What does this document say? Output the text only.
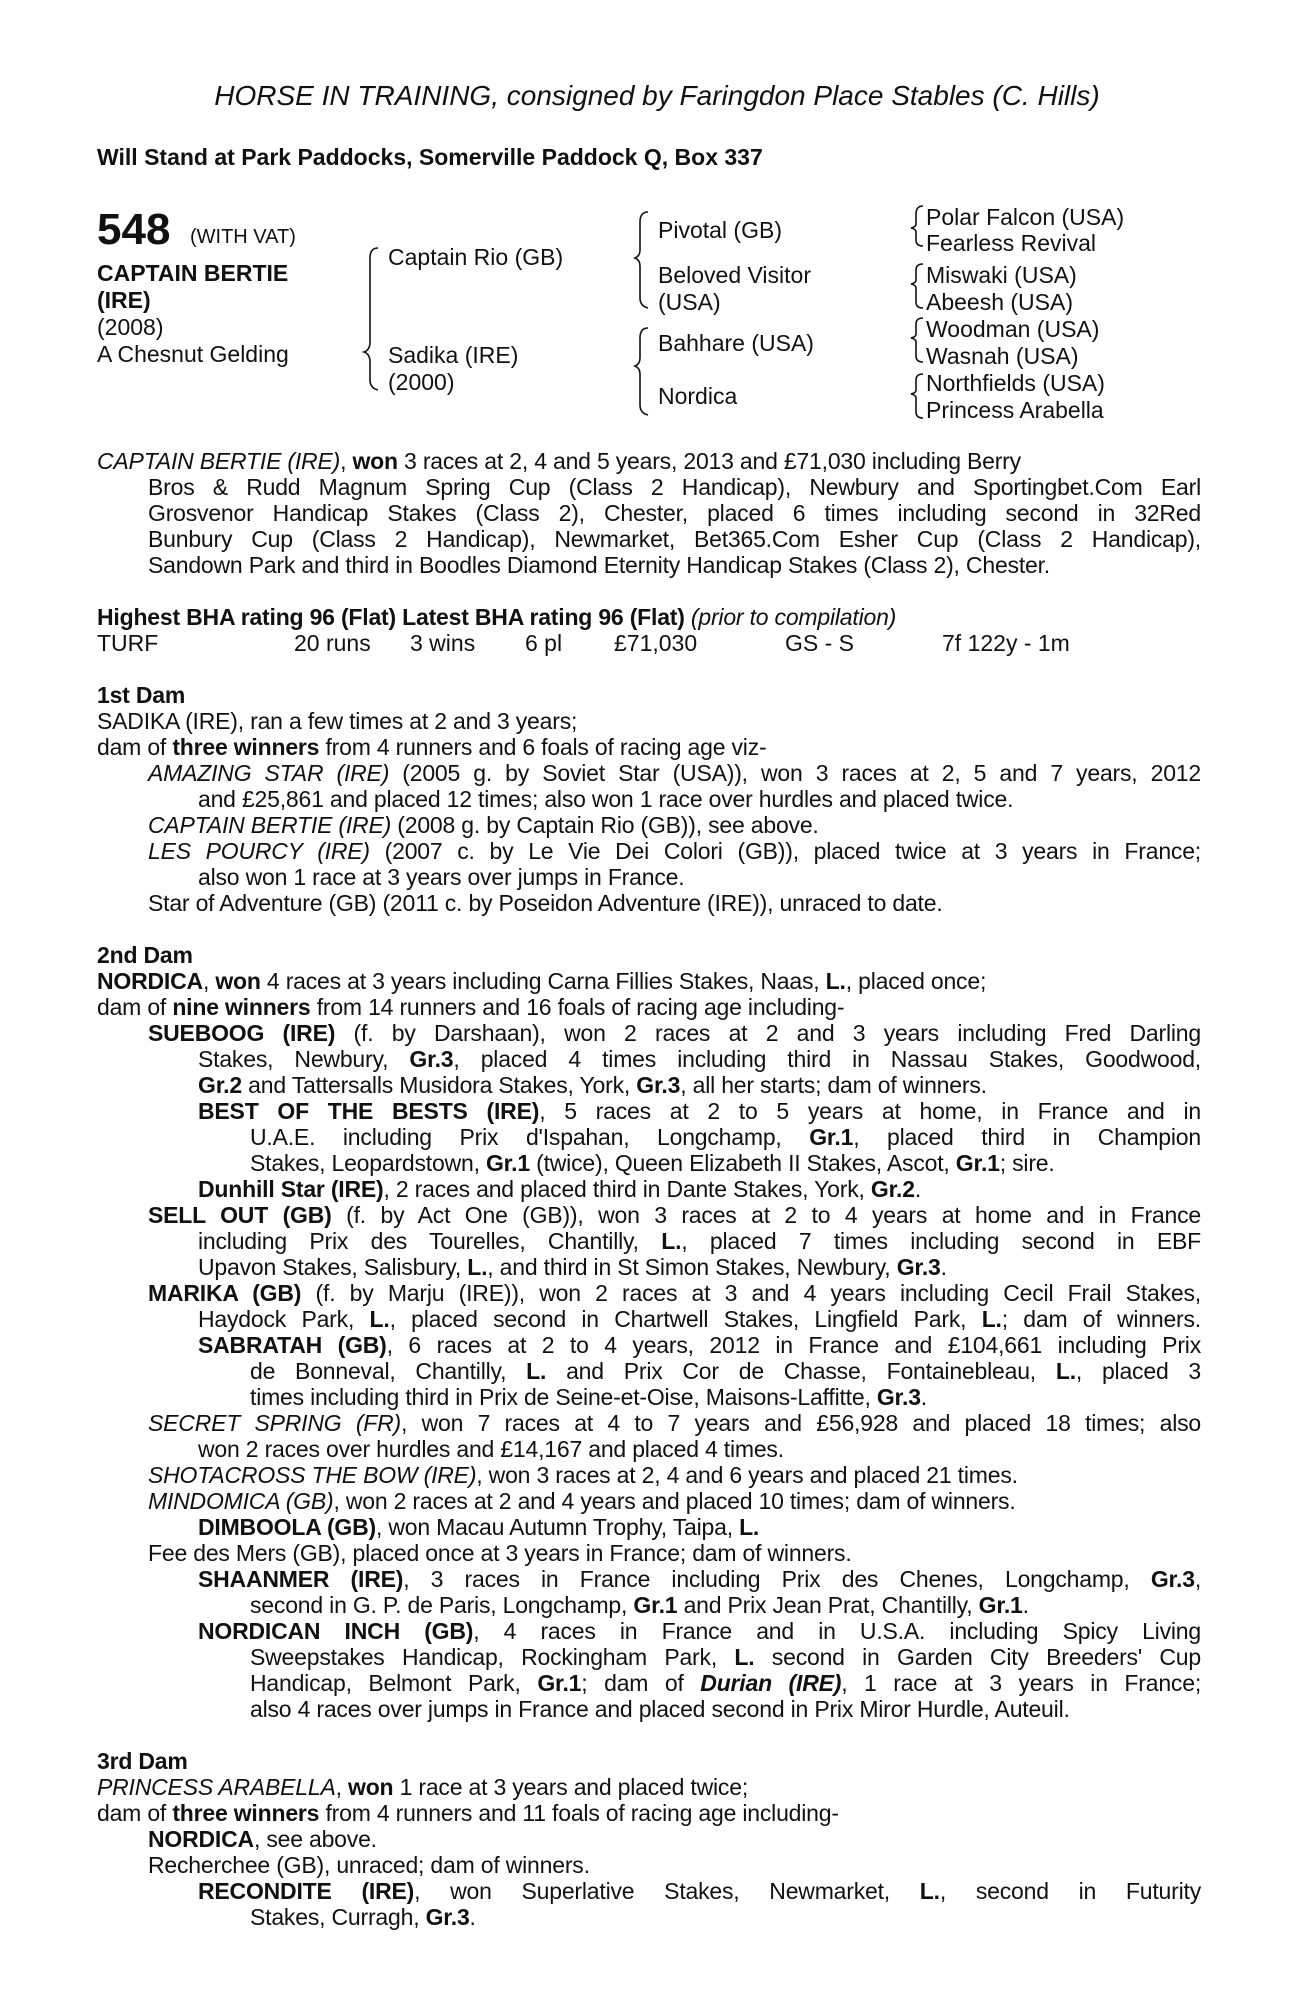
HORSE IN TRAINING, consigned by Faringdon Place Stables (C. Hills)
Will Stand at Park Paddocks, Somerville Paddock Q, Box 337
548 (WITH VAT)
CAPTAIN BERTIE
(IRE)
(2008)
A Chesnut Gelding
Captain Rio (GB)
Sadika (IRE)
(2000)
Pivotal (GB)
Beloved Visitor
(USA)
Bahhare (USA)
Nordica
Polar Falcon (USA)
Fearless Revival
Miswaki (USA)
Abeesh (USA)
Woodman (USA)
Wasnah (USA)
Northfields (USA)
Princess Arabella
CAPTAIN BERTIE (IRE), won 3 races at 2, 4 and 5 years, 2013 and £71,030 including Berry
Bros & Rudd Magnum Spring Cup (Class 2 Handicap), Newbury and Sportingbet.Com Earl
Grosvenor Handicap Stakes (Class 2), Chester, placed 6 times including second in 32Red
Bunbury Cup (Class 2 Handicap), Newmarket, Bet365.Com Esher Cup (Class 2 Handicap),
Sandown Park and third in Boodles Diamond Eternity Handicap Stakes (Class 2), Chester.
Highest BHA rating 96 (Flat) Latest BHA rating 96 (Flat) (prior to compilation)
TURF	20 runs 3 wins 6 pl £71,030	GS - S	7f 122y - 1m
1st Dam
SADIKA (IRE), ran a few times at 2 and 3 years;
dam of three winners from 4 runners and 6 foals of racing age viz-
AMAZING STAR (IRE) (2005 g. by Soviet Star (USA)), won 3 races at 2, 5 and 7 years, 2012
and £25,861 and placed 12 times; also won 1 race over hurdles and placed twice.
CAPTAIN BERTIE (IRE) (2008 g. by Captain Rio (GB)), see above.
LES POURCY (IRE) (2007 c. by Le Vie Dei Colori (GB)), placed twice at 3 years in France;
also won 1 race at 3 years over jumps in France.
Star of Adventure (GB) (2011 c. by Poseidon Adventure (IRE)), unraced to date.
2nd Dam
NORDICA, won 4 races at 3 years including Carna Fillies Stakes, Naas, L., placed once;
dam of nine winners from 14 runners and 16 foals of racing age including-
SUEBOOG (IRE) (f. by Darshaan), won 2 races at 2 and 3 years including Fred Darling
Stakes, Newbury, Gr.3, placed 4 times including third in Nassau Stakes, Goodwood,
Gr.2 and Tattersalls Musidora Stakes, York, Gr.3, all her starts; dam of winners.
BEST OF THE BESTS (IRE), 5 races at 2 to 5 years at home, in France and in
U.A.E. including Prix d'Ispahan, Longchamp, Gr.1, placed third in Champion
Stakes, Leopardstown, Gr.1 (twice), Queen Elizabeth II Stakes, Ascot, Gr.1; sire.
Dunhill Star (IRE), 2 races and placed third in Dante Stakes, York, Gr.2.
SELL OUT (GB) (f. by Act One (GB)), won 3 races at 2 to 4 years at home and in France
including Prix des Tourelles, Chantilly, L., placed 7 times including second in EBF
Upavon Stakes, Salisbury, L., and third in St Simon Stakes, Newbury, Gr.3.
MARIKA (GB) (f. by Marju (IRE)), won 2 races at 3 and 4 years including Cecil Frail Stakes,
Haydock Park, L., placed second in Chartwell Stakes, Lingfield Park, L.; dam of winners.
SABRATAH (GB), 6 races at 2 to 4 years, 2012 in France and £104,661 including Prix
de Bonneval, Chantilly, L. and Prix Cor de Chasse, Fontainebleau, L., placed 3
times including third in Prix de Seine-et-Oise, Maisons-Laffitte, Gr.3.
SECRET SPRING (FR), won 7 races at 4 to 7 years and £56,928 and placed 18 times; also
won 2 races over hurdles and £14,167 and placed 4 times.
SHOTACROSS THE BOW (IRE), won 3 races at 2, 4 and 6 years and placed 21 times.
MINDOMICA (GB), won 2 races at 2 and 4 years and placed 10 times; dam of winners.
DIMBOOLA (GB), won Macau Autumn Trophy, Taipa, L.
Fee des Mers (GB), placed once at 3 years in France; dam of winners.
SHAANMER (IRE), 3 races in France including Prix des Chenes, Longchamp, Gr.3,
second in G. P. de Paris, Longchamp, Gr.1 and Prix Jean Prat, Chantilly, Gr.1.
NORDICAN INCH (GB), 4 races in France and in U.S.A. including Spicy Living
Sweepstakes Handicap, Rockingham Park, L. second in Garden City Breeders' Cup
Handicap, Belmont Park, Gr.1; dam of Durian (IRE), 1 race at 3 years in France;
also 4 races over jumps in France and placed second in Prix Miror Hurdle, Auteuil.
3rd Dam
PRINCESS ARABELLA, won 1 race at 3 years and placed twice;
dam of three winners from 4 runners and 11 foals of racing age including-
NORDICA, see above.
Recherchee (GB), unraced; dam of winners.
RECONDITE (IRE), won Superlative Stakes, Newmarket, L., second in Futurity
Stakes, Curragh, Gr.3.
